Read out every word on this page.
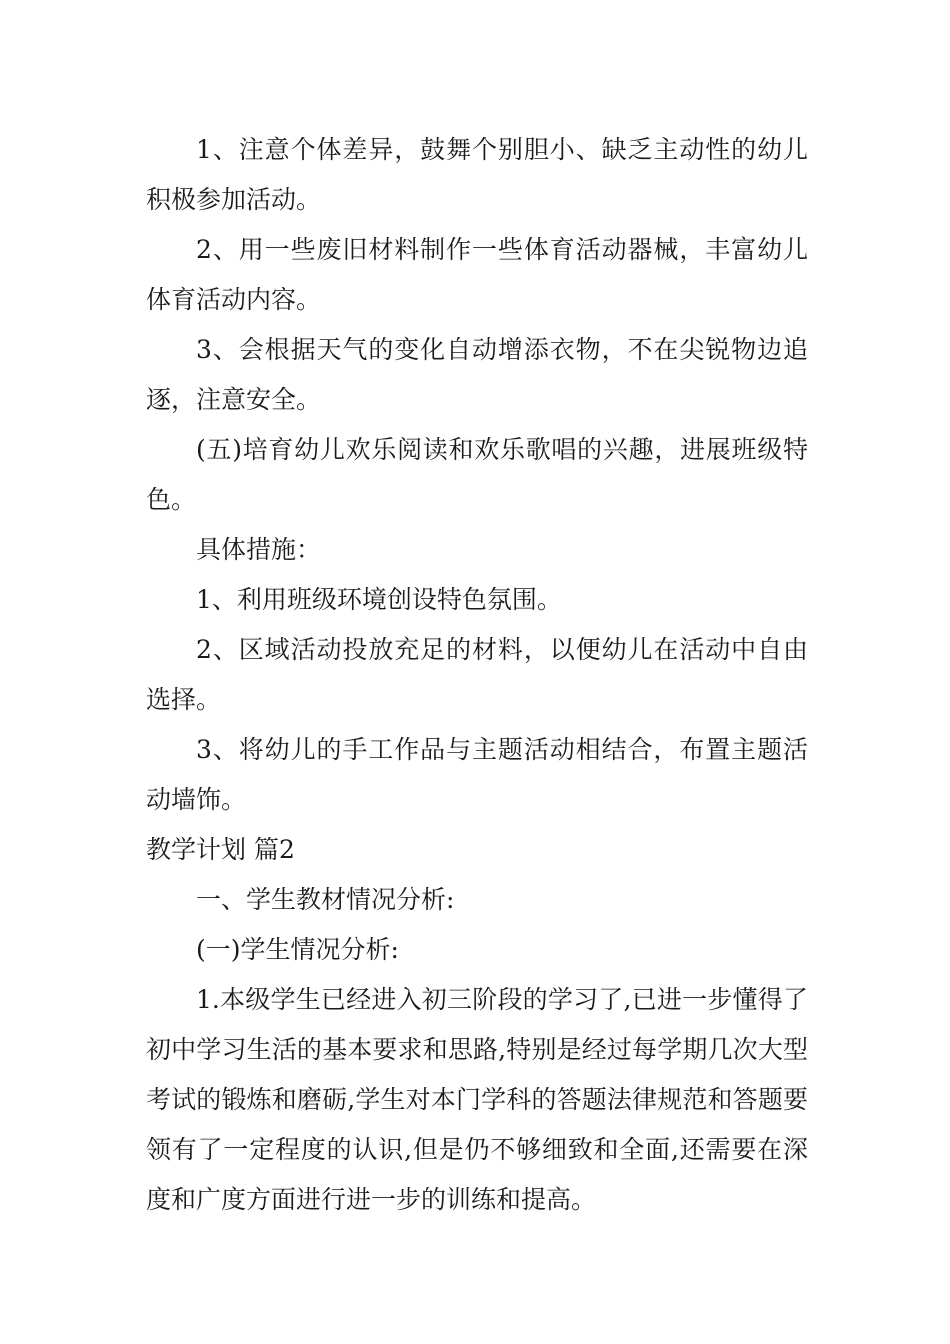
1、注意个体差异，鼓舞个别胆小、缺乏主动性的幼儿积极参加活动。

2、用一些废旧材料制作一些体育活动器械，丰富幼儿体育活动内容。

3、会根据天气的变化自动增添衣物，不在尖锐物边追逐，注意安全。

(五)培育幼儿欢乐阅读和欢乐歌唱的兴趣，进展班级特色。

具体措施：

1、利用班级环境创设特色氛围。

2、区域活动投放充足的材料，以便幼儿在活动中自由选择。

3、将幼儿的手工作品与主题活动相结合，布置主题活动墙饰。

教学计划 篇2

一、学生教材情况分析:

(一)学生情况分析:

1.本级学生已经进入初三阶段的学习了,已进一步懂得了初中学习生活的基本要求和思路,特别是经过每学期几次大型考试的锻炼和磨砺,学生对本门学科的答题法律规范和答题要领有了一定程度的认识,但是仍不够细致和全面,还需要在深度和广度方面进行进一步的训练和提高。
